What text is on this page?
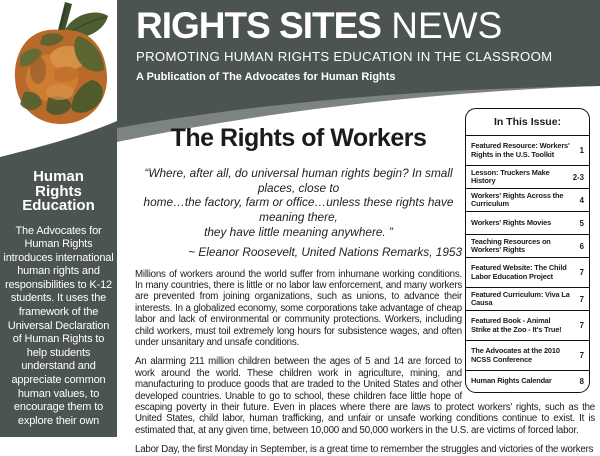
RIGHTS SITES NEWS
PROMOTING HUMAN RIGHTS EDUCATION IN THE CLASSROOM
A Publication of The Advocates for Human Rights
Human Rights Education

The Advocates for Human Rights introduces international human rights and responsibilities to K-12 students. It uses the framework of the Universal Declaration of Human Rights to help students understand and appreciate common human values, to encourage them to explore their own

In This Issue:
Featured Resource: Workers' Rights in the U.S. Toolkit	1
Lesson: Truckers Make History	2-3
Workers' Rights Across the Curriculum	4
Workers' Rights Movies	5
Teaching Resources on Workers' Rights	6
Featured Website: The Child Labor Education Project	7
Featured Curriculum: Viva La Causa	7
Featured Book - Animal Strike at the Zoo - It's True!	7
The Advocates at the 2010 NCSS Conference	7
Human Rights Calendar	8
The Rights of Workers
“Where, after all, do universal human rights begin? In small places, close to
home…the factory, farm or office…unless these rights have meaning there,
they have little meaning anywhere. ”
~ Eleanor Roosevelt, United Nations Remarks, 1953

Millions of workers around the world suffer from inhumane working conditions. In many countries, there is little or no labor law enforcement, and many workers are prevented from joining organizations, such as unions, to advance their interests. In a globalized economy, some corporations take advantage of cheap labor and lack of environmental or community protections. Workers, including child workers, must toil extremely long hours for subsistence wages, and often under unsanitary and unsafe conditions.

An alarming 211 million children between the ages of 5 and 14 are forced to work around the world. These children work in agriculture, mining, and manufacturing to produce goods that are traded to the United States and other developed countries. Unable to go to school, these children face little hope of escaping poverty in their future. Even in places where there are laws to protect workers' rights, such as the United States, child labor, human trafficking, and unfair or unsafe working conditions continue to exist. It is estimated that, at any given time, between 10,000 and 50,000 workers in the U.S. are victims of forced labor.

Labor Day, the first Monday in September, is a great time to remember the struggles and victories of the workers
